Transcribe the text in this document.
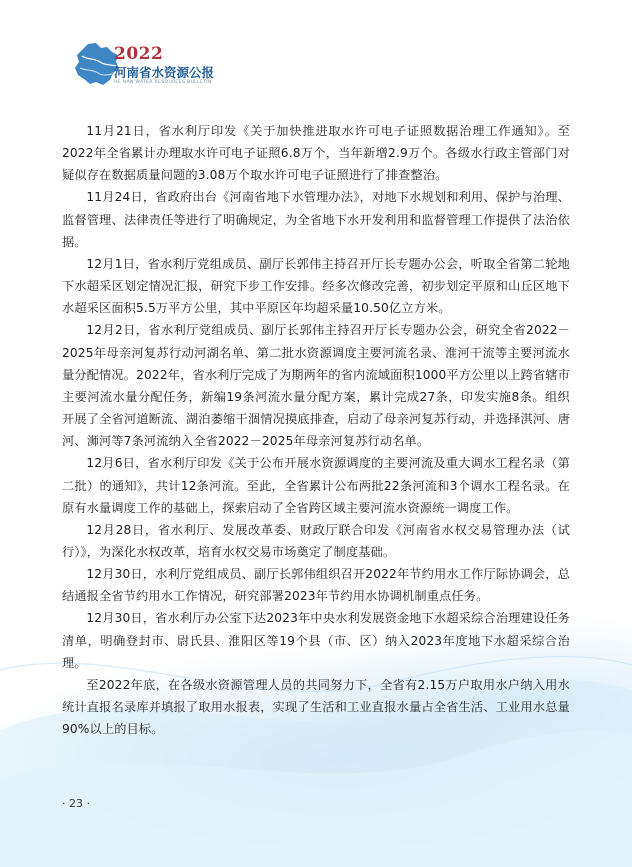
2022
河南省水资源公报
HE NAN WATER RESOURCES BULLETIN

11月21日，省水利厅印发《关于加快推进取水许可电子证照数据治理工作通知》。至2022年全省累计办理取水许可电子证照6.8万个，当年新增2.9万个。各级水行政主管部门对疑似存在数据质量问题的3.08万个取水许可电子证照进行了排查整治。

11月24日，省政府出台《河南省地下水管理办法》，对地下水规划和利用、保护与治理、监督管理、法律责任等进行了明确规定，为全省地下水开发利用和监督管理工作提供了法治依据。

12月1日，省水利厅党组成员、副厅长郭伟主持召开厅长专题办公会，听取全省第二轮地下水超采区划定情况汇报，研究下步工作安排。经多次修改完善，初步划定平原和山丘区地下水超采区面积5.5万平方公里，其中平原区年均超采量10.50亿立方米。

12月2日，省水利厅党组成员、副厅长郭伟主持召开厅长专题办公会，研究全省2022－2025年母亲河复苏行动河湖名单、第二批水资源调度主要河流名录、淮河干流等主要河流水量分配情况。2022年，省水利厅完成了为期两年的省内流域面积1000平方公里以上跨省辖市主要河流水量分配任务，新编19条河流水量分配方案，累计完成27条，印发实施8条。组织开展了全省河道断流、湖泊萎缩干涸情况摸底排查，启动了母亲河复苏行动，并选择淇河、唐河、浉河等7条河流纳入全省2022－2025年母亲河复苏行动名单。

12月6日，省水利厅印发《关于公布开展水资源调度的主要河流及重大调水工程名录（第二批）的通知》，共计12条河流。至此，全省累计公布两批22条河流和3个调水工程名录。在原有水量调度工作的基础上，探索启动了全省跨区域主要河流水资源统一调度工作。

12月28日，省水利厅、发展改革委、财政厅联合印发《河南省水权交易管理办法（试行）》，为深化水权改革，培育水权交易市场奠定了制度基础。

12月30日，水利厅党组成员、副厅长郭伟组织召开2022年节约用水工作厅际协调会，总结通报全省节约用水工作情况，研究部署2023年节约用水协调机制重点任务。

12月30日，省水利厅办公室下达2023年中央水利发展资金地下水超采综合治理建设任务清单，明确登封市、尉氏县、淮阳区等19个县（市、区）纳入2023年度地下水超采综合治理。

至2022年底，在各级水资源管理人员的共同努力下，全省有2.15万户取用水户纳入用水统计直报名录库并填报了取用水报表，实现了生活和工业直报水量占全省生活、工业用水总量90%以上的目标。

· 23 ·
